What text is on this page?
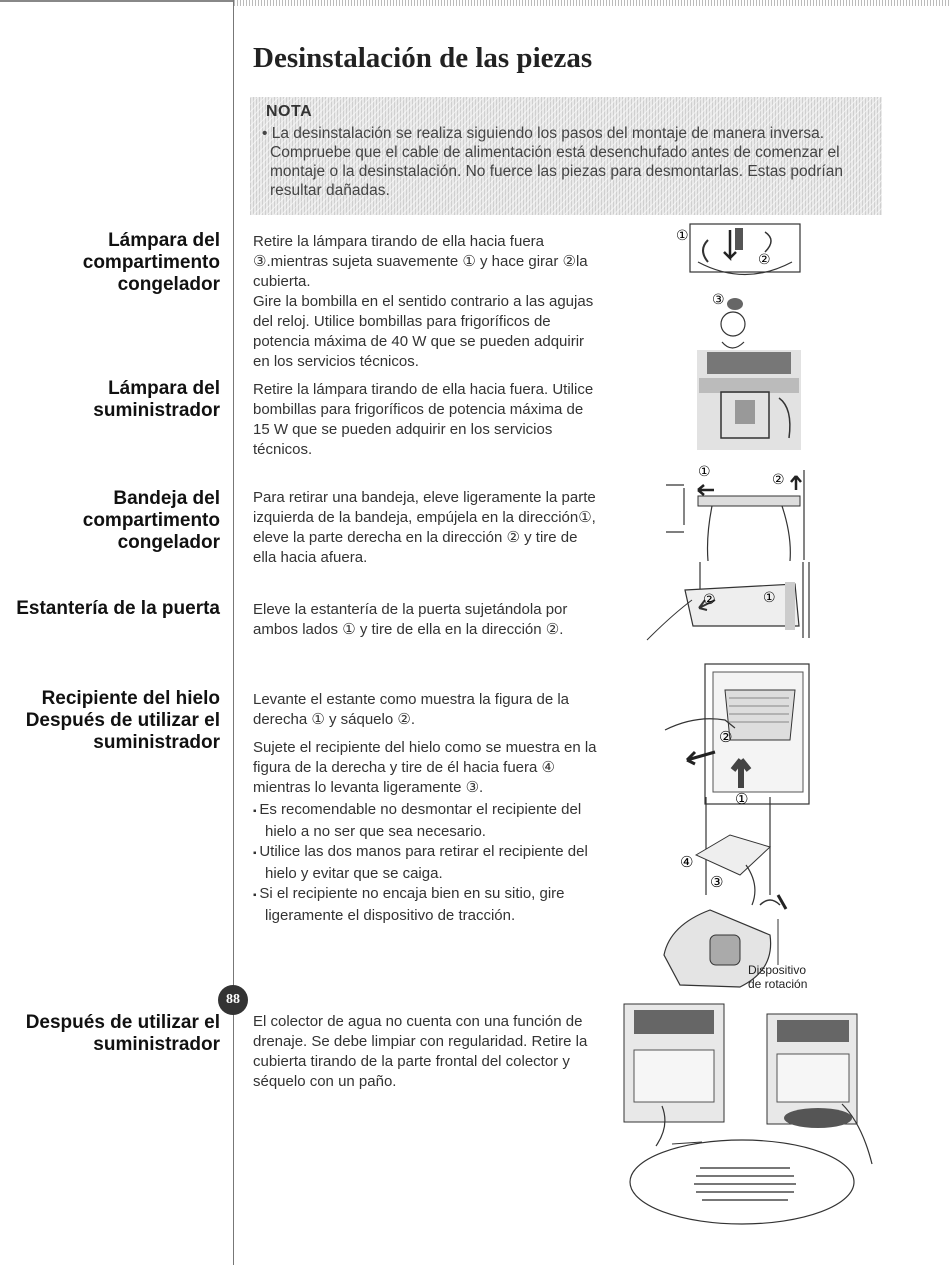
Desinstalación de las piezas
NOTA
• La desinstalación se realiza siguiendo los pasos del montaje de manera inversa. Compruebe que el cable de alimentación está desenchufado antes de comenzar el montaje o la desinstalación. No fuerce las piezas para desmontarlas. Estas podrían resultar dañadas.
Lámpara del compartimento congelador

Retire la lámpara tirando de ella hacia fuera ③.mientras sujeta suavemente ① y hace girar ②la cubierta.

Gire la bombilla en el sentido contrario a las agujas del reloj. Utilice bombillas para frigoríficos de potencia máxima de 40 W que se pueden adquirir en los servicios técnicos.

Lámpara del suministrador

Retire la lámpara tirando de ella hacia fuera. Utilice bombillas para frigoríficos de potencia máxima de 15 W que se pueden adquirir en los servicios técnicos.

Bandeja del compartimento congelador

Para retirar una bandeja, eleve ligeramente la parte izquierda de la bandeja, empújela en la dirección①, eleve la parte derecha en la dirección ② y tire de ella hacia afuera.

Estantería de la puerta Eleve la estantería de la puerta sujetándola por ambos lados ① y tire de ella en la dirección ②.

Recipiente del hielo Después de utilizar el suministrador

Levante el estante como muestra la figura de la derecha ① y sáquelo ②.

Sujete el recipiente del hielo como se muestra en la figura de la derecha y tire de él hacia fuera ④ mientras lo levanta ligeramente ③.

▪ Es recomendable no desmontar el recipiente del hielo a no ser que sea necesario.

▪ Utilice las dos manos para retirar el recipiente del hielo y evitar que se caiga.

▪ Si el recipiente no encaja bien en su sitio, gire ligeramente el dispositivo de tracción.

Después de utilizar el suministrador

El colector de agua no cuenta con una función de drenaje. Se debe limpiar con regularidad. Retire la cubierta tirando de la parte frontal del colector y séquelo con un paño.

①
②
③
①	②
②	①
②
①
④
③
Dispositivo de rotación
88
